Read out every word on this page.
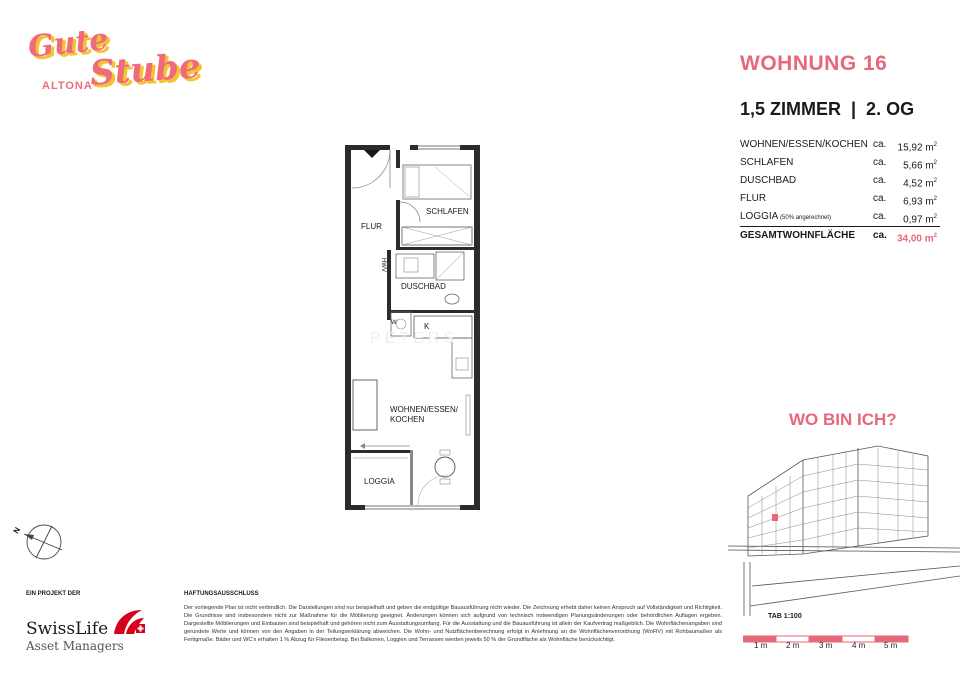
Gute
Stube
ALTONA
WOHNUNG 16
1,5 ZIMMER  |  2. OG
WOHNEN/ESSEN/KOCHEN ca. 15,92 $m^2$
SCHLAFEN	ca. 5,66 $m^2$
DUSCHBAD	ca. 4,52 $m^2$
FLUR	ca. 6,93 $m^2$
LOGGIA (50% angerechnet)	ca. 0,97 $m^2$
GESAMTWOHNFLÄCHE ca. 34,00 $m^2$
FLUR
SCHLAFEN
DUSCHBAD
WOHNEN/ESSEN/
KOCHEN
LOGGIA
HWV
W	K
PETERS
WO BIN ICH?
N
EIN PROJEKT DER
SwissLife
Asset Managers
HAFTUNGSAUSSCHLUSS
Der vorliegende Plan ist nicht verbindlich. Die Darstellungen sind nur beispielhaft und geben die endgültige Bauausführung nicht wieder. Die Zeichnung erhebt daher keinen Anspruch auf Vollständigkeit und Richtigkeit. Die Grundrisse sind insbesondere nicht zur Maßnahme für die Möblierung geeignet. Änderungen können sich aufgrund von technisch notwendigen Planungsänderungen oder behördlichen Auflagen ergeben. Dargestellte Möblierungen und Einbauten sind beispielhaft und gehören nicht zum Ausstattungsumfang. Für die Ausstattung und die Bauausführung ist allein der Kaufvertrag maßgeblich. Die Wohnflächenangaben sind gerundete Werte und können von den Angaben in der Teilungserklärung abweichen. Die Wohn- und Nutzflächenberechnung erfolgt in Anlehnung an die Wohnflächenverordnung (WoFlV) mit Rohbaumaßen als Fertigmaße. Bäder und WC's erhalten 1 % Abzug für Fliesenbelag. Bei Balkonen, Loggien und Terrassen werden jeweils 50 % der Grundfläche als Wohnfläche berücksichtigt.
TAB 1:100
1 m 2 m 3 m 4 m 5 m
